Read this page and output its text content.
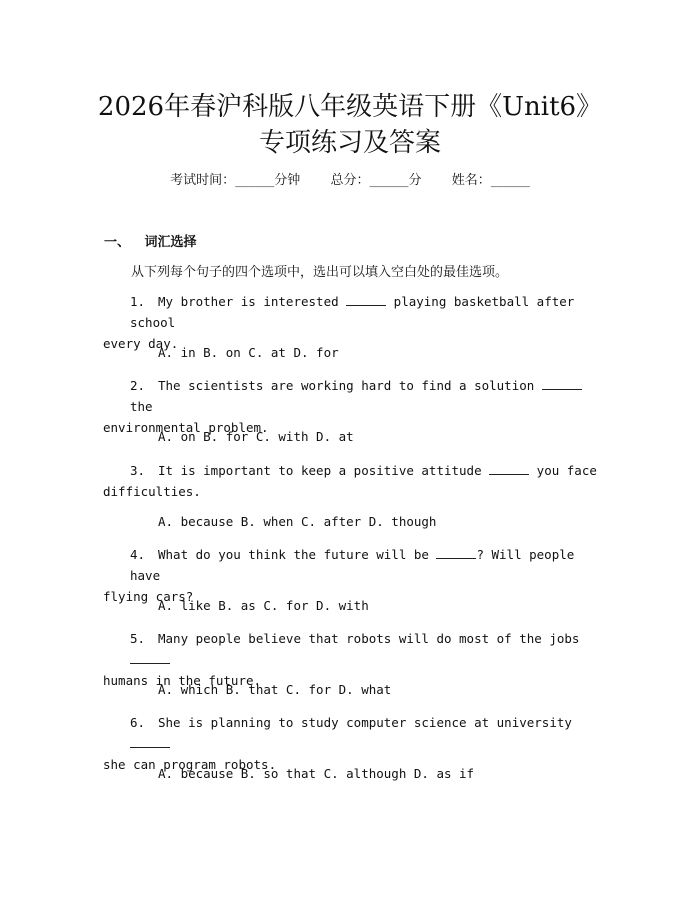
2026年春沪科版八年级英语下册《Unit6》
专项练习及答案
考试时间：______分钟 总分：______分 姓名：______
一、 词汇选择
从下列每个句子的四个选项中，选出可以填入空白处的最佳选项。
1. My brother is interested	playing basketball after school
every day.
A. in B. on C. at D. for
2. The scientists are working hard to find a solution  the
environmental problem.
A. on B. for C. with D. at
3. It is important to keep a positive attitude	you face
difficulties.
A. because B. when C. after D. though
4. What do you think the future will be	? Will people have
flying cars?
A. like B. as C. for D. with
5. Many people believe that robots will do most of the jobs
humans in the future.
A. which B. that C. for D. what
6. She is planning to study computer science at university
she can program robots.
A. because B. so that C. although D. as if
